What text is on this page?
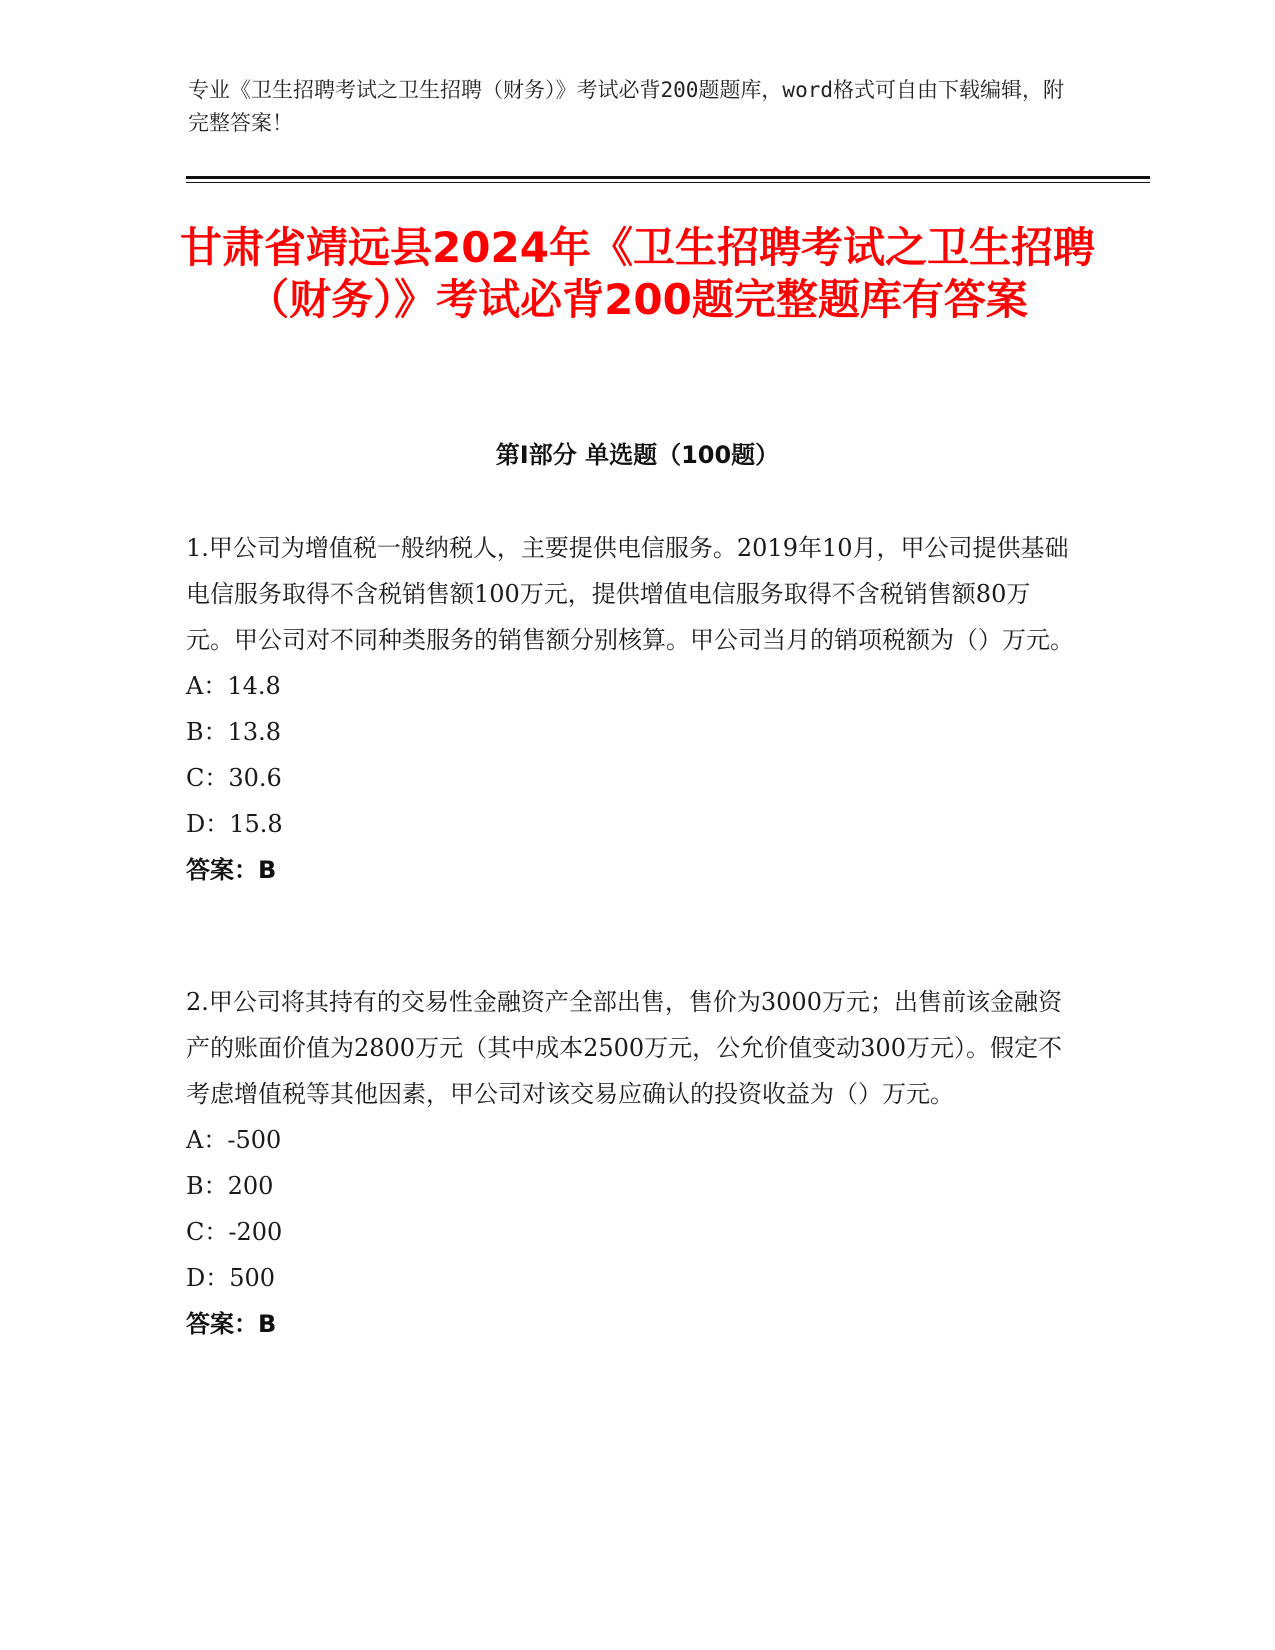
专业《卫生招聘考试之卫生招聘（财务）》考试必背200题题库，word格式可自由下载编辑，附完整答案！
甘肃省靖远县2024年《卫生招聘考试之卫生招聘（财务）》考试必背200题完整题库有答案
第I部分 单选题（100题）

1.甲公司为增值税一般纳税人，主要提供电信服务。2019年10月，甲公司提供基础电信服务取得不含税销售额100万元，提供增值电信服务取得不含税销售额80万元。甲公司对不同种类服务的销售额分别核算。甲公司当月的销项税额为（）万元。

A：14.8

B：13.8

C：30.6

D：15.8

答案：B

2.甲公司将其持有的交易性金融资产全部出售，售价为3000万元；出售前该金融资产的账面价值为2800万元（其中成本2500万元，公允价值变动300万元）。假定不考虑增值税等其他因素，甲公司对该交易应确认的投资收益为（）万元。

A：-500

B：200

C：-200

D：500

答案：B
